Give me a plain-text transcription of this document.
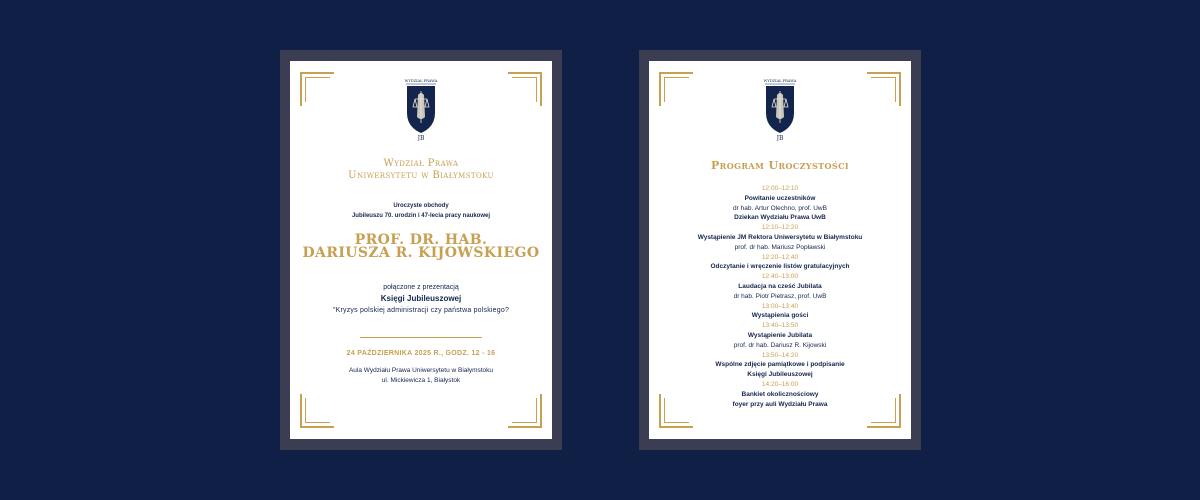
WYDZIAŁ PRAWA
JB
Wydział Prawa
Uniwersytetu w Białymstoku
Uroczyste obchody
Jubileuszu 70. urodzin i 47-lecia pracy naukowej
PROF. DR. HAB.
DARIUSZA R. KIJOWSKIEGO
połączone z prezentacją
Księgi Jubileuszowej
"Kryzys polskiej administracji czy państwa polskiego?
24 PAŹDZIERNIKA 2025 R., GODZ. 12 - 16
Aula Wydziału Prawa Uniwersytetu w Białymstoku
ul. Mickiewicza 1, Białystok
WYDZIAŁ PRAWA
JB
Program Uroczystości
12:00–12:10
Powitanie uczestników
dr hab. Artur Olechno, prof. UwB
Dziekan Wydziału Prawa UwB
12:10–12:20
Wystąpienie JM Rektora Uniwersytetu w Białymstoku
prof. dr hab. Mariusz Popławski
12:20–12:40
Odczytanie i wręczenie listów gratulacyjnych
12:40–13:00
Laudacja na cześć Jubilata
dr hab. Piotr Pietrasz, prof. UwB
13:00–13:40
Wystąpienia gości
13:40–13:50
Wystąpienie Jubilata
prof. dr hab. Dariusz R. Kijowski
13:50–14:20
Wspólne zdjęcie pamiątkowe i podpisanie
Księgi Jubileuszowej
14:20–16:00
Bankiet okolicznościowy
foyer przy auli Wydziału Prawa
